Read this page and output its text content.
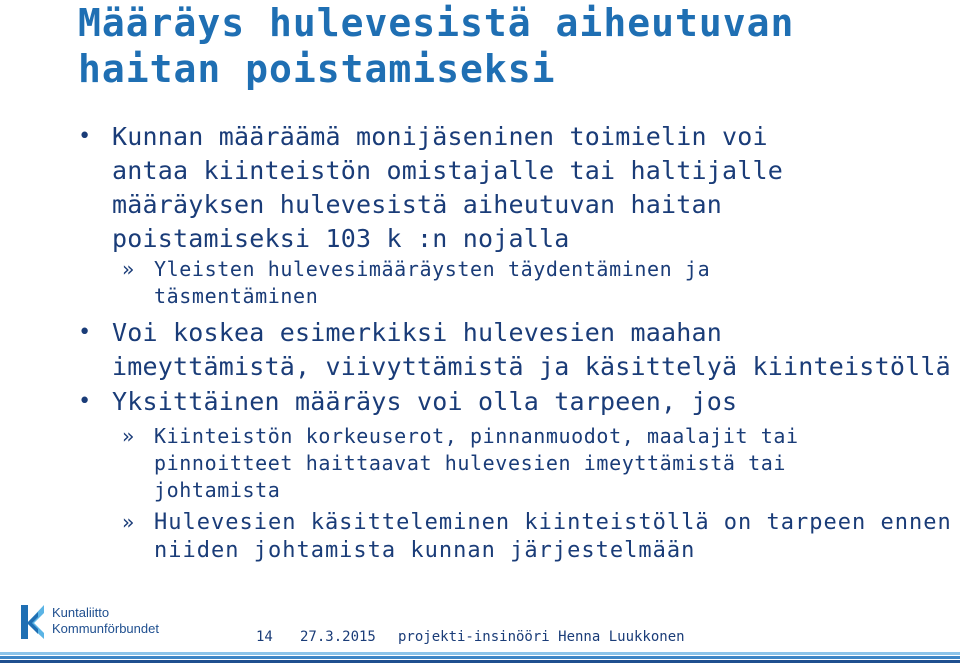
Määräys hulevesistä aiheutuvan
haitan poistamiseksi
• Kunnan määräämä monijäseninen toimielin voi
antaa kiinteistön omistajalle tai haltijalle
määräyksen hulevesistä aiheutuvan haitan
poistamiseksi 103 k :n nojalla
» Yleisten hulevesimääräysten täydentäminen ja
täsmentäminen
• Voi koskea esimerkiksi hulevesien maahan
imeyttämistä, viivyttämistä ja käsittelyä kiinteistöllä
• Yksittäinen määräys voi olla tarpeen, jos
» Kiinteistön korkeuserot, pinnanmuodot, maalajit tai
pinnoitteet haittaavat hulevesien imeyttämistä tai
johtamista
» Hulevesien käsitteleminen kiinteistöllä on tarpeen ennen
niiden johtamista kunnan järjestelmään
Kuntaliitto
Kommunförbundet
14 27.3.2015 projekti-insinööri Henna Luukkonen
